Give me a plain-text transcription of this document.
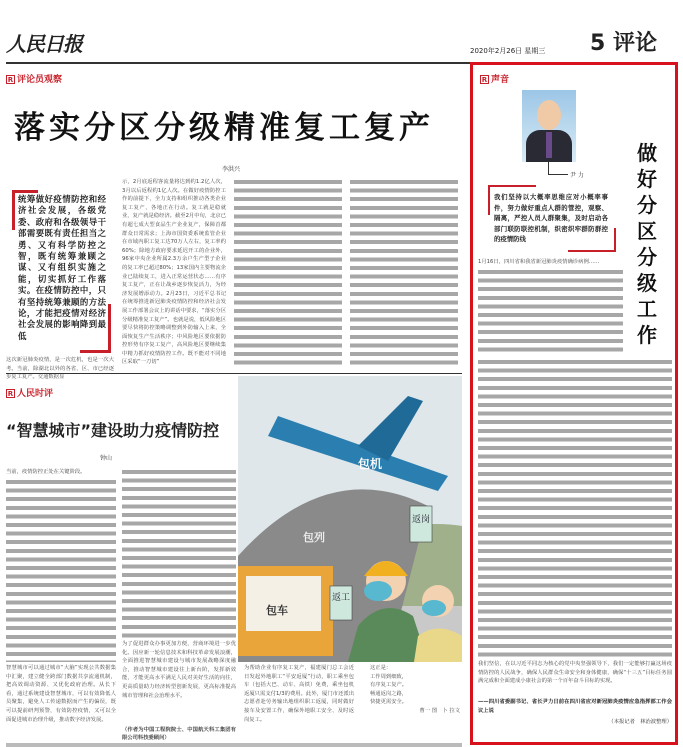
人民日报	2020年2月26日 星期三 5 评论
R 评论员观察
落实分区分级精准复工复产
李洪兴
统筹做好疫情防控和经济社会发展，各级党委、政府和各级领导干部需要既有责任担当之勇、又有科学防控之智，既有统筹兼顾之谋、又有组织实施之能，切实抓好工作落实。在疫情防控中，只有坚持统筹兼顾的方法论，才能把疫情对经济社会发展的影响降到最低
这次新冠肺炎疫情，是一次危机，也是一次大考。当前，除湖北以外的各省、区、市已经逐步复工复产。交通数据显
示，2月底返程客流量将达到约1.2亿人次，3月以后返程约1亿人次。在做好疫情防控工作的前提下，全力支持和组织推动各类企业复工复产，各地正在行动。复工就是稳就业，复产就是稳经济。截至2月中旬，北京已有超七成大型食品生产企业复产，保障首都群众日常需求；上海市国资委系统监管企业在市域内职工复工达70万人左右，复工率约60%；除地方政府要求延迟开工的企业外，96家中央企业所属2.3万余户生产型子企业的复工率已超过80%；13家国内主要物流企业已陆续复工，进入正常运营状态……有序复工复产，正在让战乡逐步恢复活力，为经济发展增添动力。2月23日，习近平总书记在统筹推进新冠肺炎疫情防控和经济社会发展工作部署会议上的讲话中要求，“落实分区分级精准复工复产”。也就是说，低风险地区要尽快将防控策略调整到外防输入上来，全面恢复生产生活秩序；中风险地区要依据防控形势有序复工复产，高风险地区要继续集中精力抓好疫情防控工作。既不能对不同地区采取“一刀切”
R 人民时评
“智慧城市”建设助力疫情防控
钟山
当前，疫情防控正处在关键阶段。
智慧城市可以通过城市“大脑”实现公共数据集中汇聚，建立健全跨部门数据共享流通机制，把高效调动资源、又优化政府治理。从长下看，通过系统建设智慧城市，可以有效降低人员聚集，避免人工传递数据而产生的偏误，既可以提前研判预警，有效防控疫情，又可以全面促进城市治理升级，推动数字经济发展。
为了促进群众办事更加方便，营商环境进一步优化。因应新一轮信息技术和科技革命发展浪潮，全面推进智慧城市建设与城市发展战略深度融合，推动智慧城市建设往上新台阶，发挥新效能，才能更高水平满足人民对美好生活的向往，更高质量助力经济转型创新发展，更高标准提高城市管理和社会治理水平。
（作者为中国工程院院士、中国航天科工集团有限公司科技委顾问）
包机
包列
包车
返工
返岗
为帮助企业有序复工复产，福建厦门总工会近日发起外地职工“平安返厦”行动，职工乘坐包车（包括大巴、动车、高铁）免费，乘坐包机返厦只需支付1/3的费用。此外，厦门市还派出志愿者赴劳务输出地组织职工返厦，同时做好接车及安置工作，确保外地职工安全、及时返岗复工。
这正是：
工作周到细致，
有序复工复产。
畅通返岗之路，
快捷更需安全。
曹一 图　卜 拉文
R 声音
尹 力
我们坚持以大概率思维应对小概率事件，努力做好重点人群的管控，观察、隔离，严控人员人群聚集，及时启动各部门联防联控机制，织密织牢群防群控的疫情防线
做好分区分级工作
1月16日，四川省和我省新冠肺炎疫情确诊病例……
我们坚信，在以习近平同志为核心的党中央坚强领导下，我们一定能够打赢这场疫情防控的人民战争，确保人民群众生命安全和身体健康，确保“十三五”目标任务圆满完成和全面建成小康社会的第一个百年奋斗目标的实现。
——四川省委副书记、省长尹力日前在四川省应对新冠肺炎疫情应急指挥部工作会议上说
（本报记者　林治波整理）
